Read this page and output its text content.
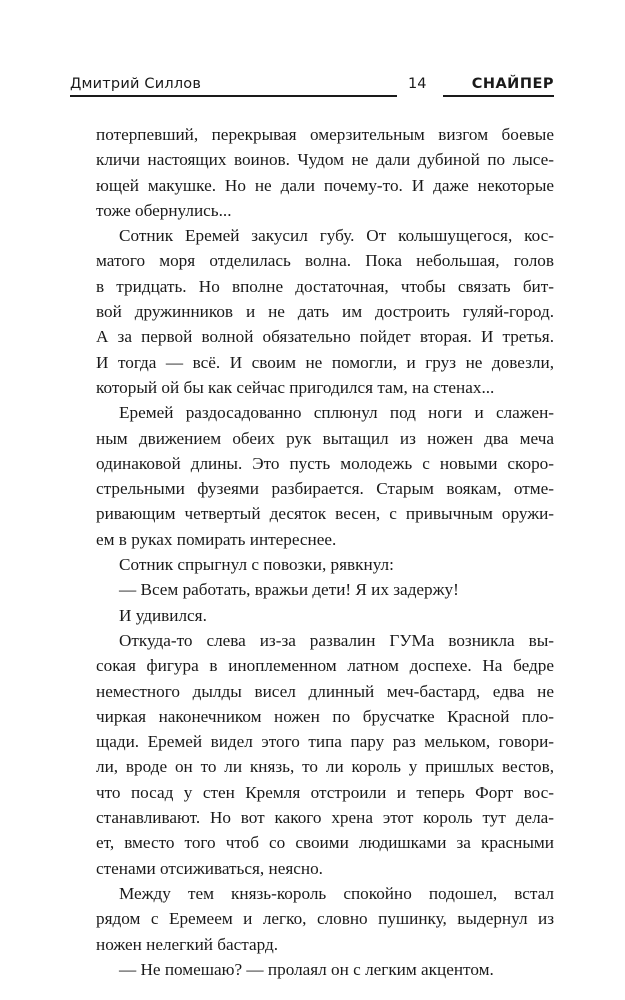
Дмитрий Силлов	14	СНАЙПЕР
потерпевший, перекрывая омерзительным визгом боевые
кличи настоящих воинов. Чудом не дали дубиной по лысе-
ющей макушке. Но не дали почему-то. И даже некоторые
тоже обернулись...
Сотник Еремей закусил губу. От колышущегося, кос-
матого моря отделилась волна. Пока небольшая, голов
в тридцать. Но вполне достаточная, чтобы связать бит-
вой дружинников и не дать им достроить гуляй-город.
А за первой волной обязательно пойдет вторая. И третья.
И тогда — всё. И своим не помогли, и груз не довезли,
который ой бы как сейчас пригодился там, на стенах...
Еремей раздосадованно сплюнул под ноги и слажен-
ным движением обеих рук вытащил из ножен два меча
одинаковой длины. Это пусть молодежь с новыми скоро-
стрельными фузеями разбирается. Старым воякам, отме-
ривающим четвертый десяток весен, с привычным оружи-
ем в руках помирать интереснее.
Сотник спрыгнул с повозки, рявкнул:
— Всем работать, вражьи дети! Я их задержу!
И удивился.
Откуда-то слева из-за развалин ГУМа возникла вы-
сокая фигура в иноплеменном латном доспехе. На бедре
неместного дылды висел длинный меч-бастард, едва не
чиркая наконечником ножен по брусчатке Красной пло-
щади. Еремей видел этого типа пару раз мельком, говори-
ли, вроде он то ли князь, то ли король у пришлых вестов,
что посад у стен Кремля отстроили и теперь Форт вос-
станавливают. Но вот какого хрена этот король тут дела-
ет, вместо того чтоб со своими людишками за красными
стенами отсиживаться, неясно.
Между тем князь-король спокойно подошел, встал
рядом с Еремеем и легко, словно пушинку, выдернул из
ножен нелегкий бастард.
— Не помешаю? — пролаял он с легким акцентом.
